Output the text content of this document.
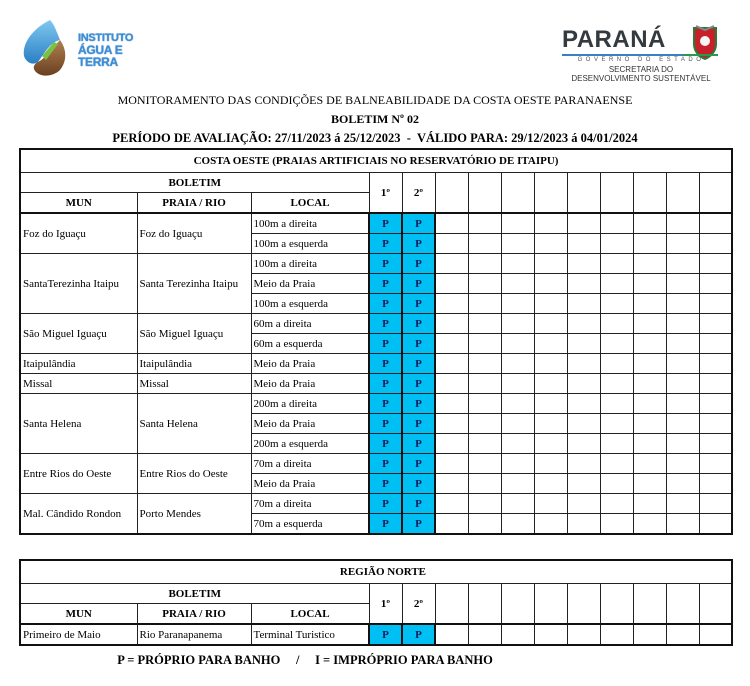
INSTITUTO
ÁGUA E TERRA
PARANÁ
GOVERNO DO ESTADO
SECRETARIA DO
DESENVOLVIMENTO SUSTENTÁVEL
MONITORAMENTO DAS CONDIÇÕES DE BALNEABILIDADE DA COSTA OESTE PARANAENSE
BOLETIM Nº 02
PERÍODO DE AVALIAÇÃO: 27/11/2023 á 25/12/2023  -  VÁLIDO PARA: 29/12/2023 á 04/01/2024
COSTA OESTE (PRAIAS ARTIFICIAIS NO RESERVATÓRIO DE ITAIPU)													
BOLETIM			1º	2º									
MUN	PRAIA / RIO	LOCAL											
Foz do Iguaçu	Foz do Iguaçu	100m a direita	P	P									
		100m a esquerda	P	P									
SantaTerezinha Itaipu	Santa Terezinha Itaipu	100m a direita	P	P									
		Meio da Praia	P	P									
		100m a esquerda	P	P									
São Miguel Iguaçu	São Miguel Iguaçu	60m a direita	P	P									
		60m a esquerda	P	P									
Itaipulândia	Itaipulândia	Meio da Praia	P	P									
Missal	Missal	Meio da Praia	P	P									
Santa Helena	Santa Helena	200m a direita	P	P									
		Meio da Praia	P	P									
		200m a esquerda	P	P									
Entre Rios do Oeste	Entre Rios do Oeste	70m a direita	P	P									
		Meio da Praia	P	P									
Mal. Cândido Rondon	Porto Mendes	70m a direita	P	P									
		70m a esquerda	P	P									
REGIÃO NORTE													
BOLETIM			1º	2º									
MUN	PRAIA / RIO	LOCAL											
Primeiro de Maio	Rio Paranapanema	Terminal Turistico	P	P									
P = PRÓPRIO PARA BANHO     /     I = IMPRÓPRIO PARA BANHO
